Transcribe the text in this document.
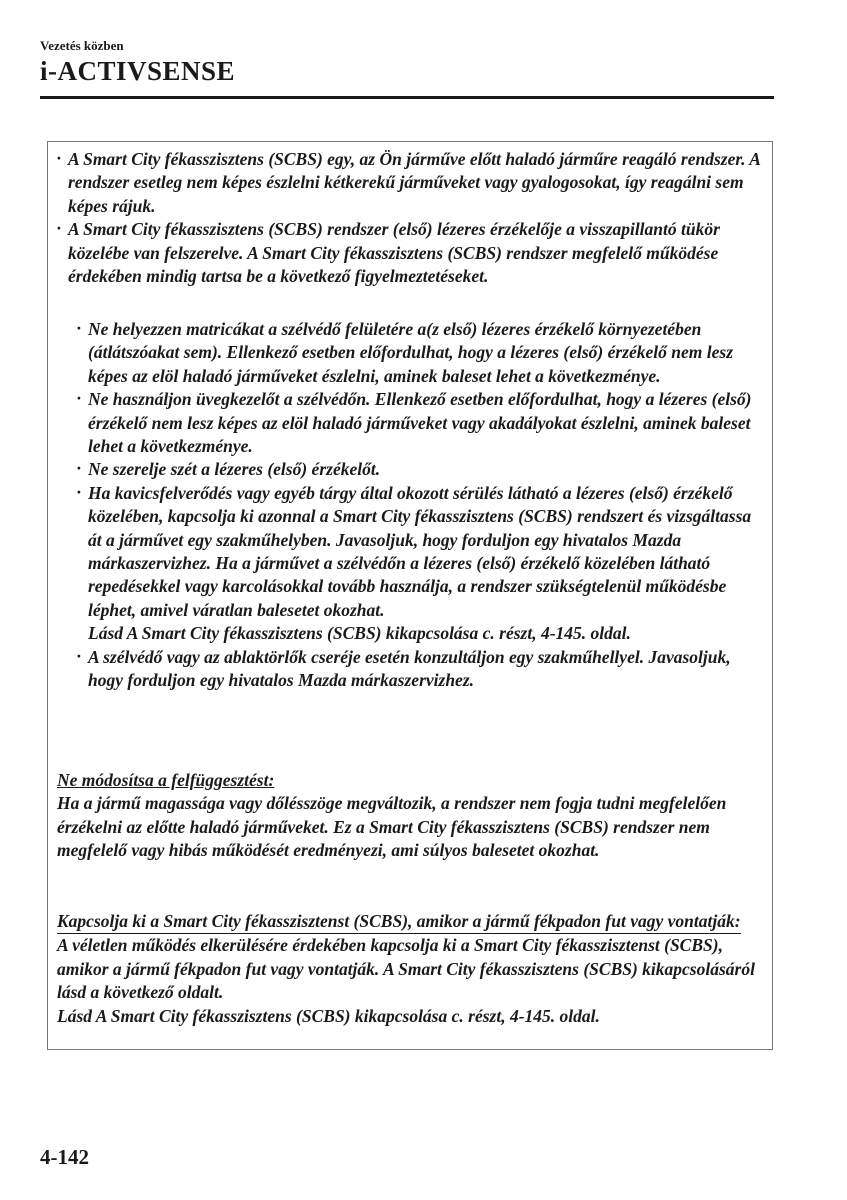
Vezetés közben
i-ACTIVSENSE
· A Smart City fékasszisztens (SCBS) egy, az Ön járműve előtt haladó járműre reagáló rendszer. A rendszer esetleg nem képes észlelni kétkerekű járműveket vagy gyalogosokat, így reagálni sem képes rájuk.
· A Smart City fékasszisztens (SCBS) rendszer (első) lézeres érzékelője a visszapillantó tükör közelébe van felszerelve. A Smart City fékasszisztens (SCBS) rendszer megfelelő működése érdekében mindig tartsa be a következő figyelmeztetéseket.
· Ne helyezzen matricákat a szélvédő felületére a(z első) lézeres érzékelő környezetében (átlátszóakat sem). Ellenkező esetben előfordulhat, hogy a lézeres (első) érzékelő nem lesz képes az elöl haladó járműveket észlelni, aminek baleset lehet a következménye.
· Ne használjon üvegkezelőt a szélvédőn. Ellenkező esetben előfordulhat, hogy a lézeres (első) érzékelő nem lesz képes az elöl haladó járműveket vagy akadályokat észlelni, aminek baleset lehet a következménye.
· Ne szerelje szét a lézeres (első) érzékelőt.
· Ha kavicsfelverődés vagy egyéb tárgy által okozott sérülés látható a lézeres (első) érzékelő közelében, kapcsolja ki azonnal a Smart City fékasszisztens (SCBS) rendszert és vizsgáltassa át a járművet egy szakműhelyben. Javasoljuk, hogy forduljon egy hivatalos Mazda márkaszervizhez. Ha a járművet a szélvédőn a lézeres (első) érzékelő közelében látható repedésekkel vagy karcolásokkal tovább használja, a rendszer szükségtelenül működésbe léphet, amivel váratlan balesetet okozhat.
Lásd A Smart City fékasszisztens (SCBS) kikapcsolása c. részt, 4-145. oldal.
· A szélvédő vagy az ablaktörlők cseréje esetén konzultáljon egy szakműhellyel. Javasoljuk, hogy forduljon egy hivatalos Mazda márkaszervizhez.
Ne módosítsa a felfüggesztést:
Ha a jármű magassága vagy dőlésszöge megváltozik, a rendszer nem fogja tudni megfelelően érzékelni az előtte haladó járműveket. Ez a Smart City fékasszisztens (SCBS) rendszer nem megfelelő vagy hibás működését eredményezi, ami súlyos balesetet okozhat.
Kapcsolja ki a Smart City fékasszisztenst (SCBS), amikor a jármű fékpadon fut vagy vontatják:
A véletlen működés elkerülésére érdekében kapcsolja ki a Smart City fékasszisztenst (SCBS), amikor a jármű fékpadon fut vagy vontatják. A Smart City fékasszisztens (SCBS) kikapcsolásáról lásd a következő oldalt.
Lásd A Smart City fékasszisztens (SCBS) kikapcsolása c. részt, 4-145. oldal.
4-142
